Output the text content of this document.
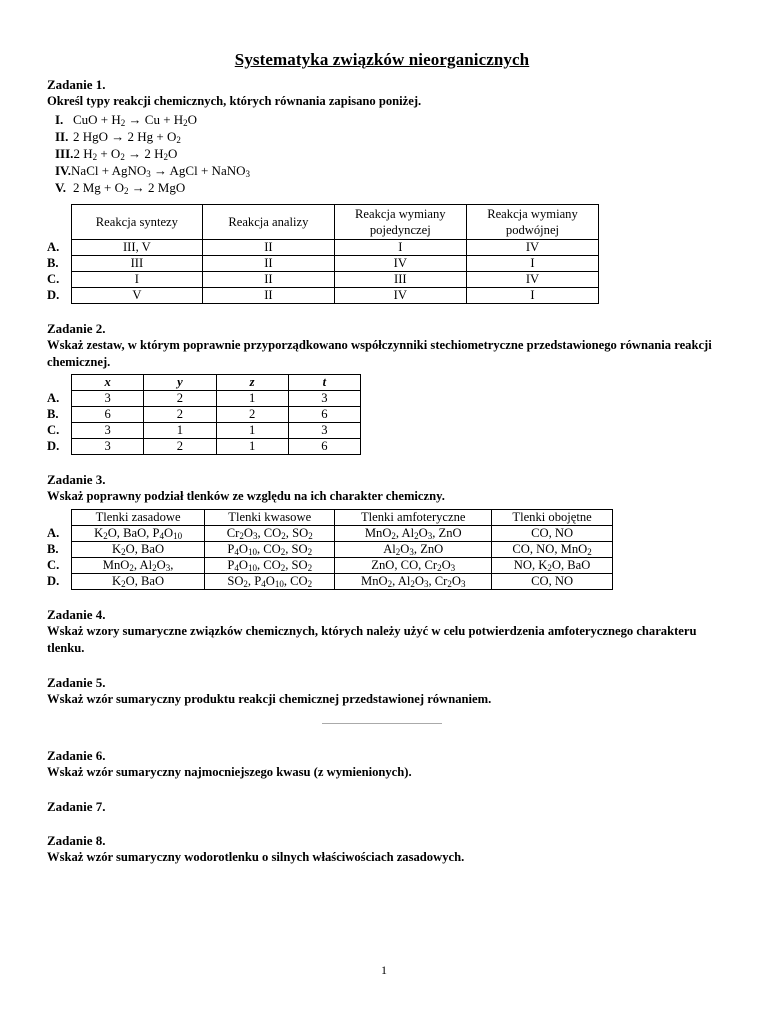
Systematyka związków nieorganicznych
Zadanie 1.
Określ typy reakcji chemicznych, których równania zapisano poniżej.
I. CuO + $H_2 \to Cu + H_2O$
II. 2 HgO → 2 $Hg + O_2$
III.2 $H_2 + O_2 \to 2$ $H_2O$
IV.NaCl + AgNO$_3$ → AgCl + NaNO$_3$
V. 2 $Mg + O_2 \to 2$ MgO
	Reakcja syntezy	Reakcja analizy	Reakcja wymiany pojedynczej	Reakcja wymiany podwójnej
A.	III, V	II	I	IV
B.	III	II	IV	I
C.	I	II	III	IV
D.	V	II	IV	I
Zadanie 2.
Wskaż zestaw, w którym poprawnie przyporządkowano współczynniki stechiometryczne przedstawionego równania reakcji chemicznej.
	x	y	z	t
A.	3	2	1	3
B.	6	2	2	6
C.	3	1	1	3
D.	3	2	1	6
Zadanie 3.
Wskaż poprawny podział tlenków ze względu na ich charakter chemiczny.
	Tlenki zasadowe	Tlenki kwasowe	Tlenki amfoteryczne	Tlenki obojętne
A.	$K_2O$, BaO, $P_4O_{10}$	$Cr_2O_3$, $CO_2$, $SO_2$	MnO$_2$, $Al_2O_3$, ZnO	CO, NO
B.	$K_2O$, BaO	$P_4O_{10}$, $CO_2$, $SO_2$	$Al_2O_3$, ZnO	CO, NO, MnO$_2$
C.	MnO$_2$, $Al_2O_3$,	$P_4O_{10}$, $CO_2$, $SO_2$	ZnO, CO, $Cr_2O_3$	NO, $K_2O$, BaO
D.	$K_2O$, BaO	$SO_2$, $P_4O_{10}$, $CO_2$	MnO$_2$, $Al_2O_3$, $Cr_2O_3$	CO, NO
Zadanie 4.
Wskaż wzory sumaryczne związków chemicznych, których należy użyć w celu potwierdzenia amfoterycznego charakteru tlenku.
Zadanie 5.
Wskaż wzór sumaryczny produktu reakcji chemicznej przedstawionej równaniem.
Zadanie 6.
Wskaż wzór sumaryczny najmocniejszego kwasu (z wymienionych).
Zadanie 7.
Zadanie 8.
Wskaż wzór sumaryczny wodorotlenku o silnych właściwościach zasadowych.
1
